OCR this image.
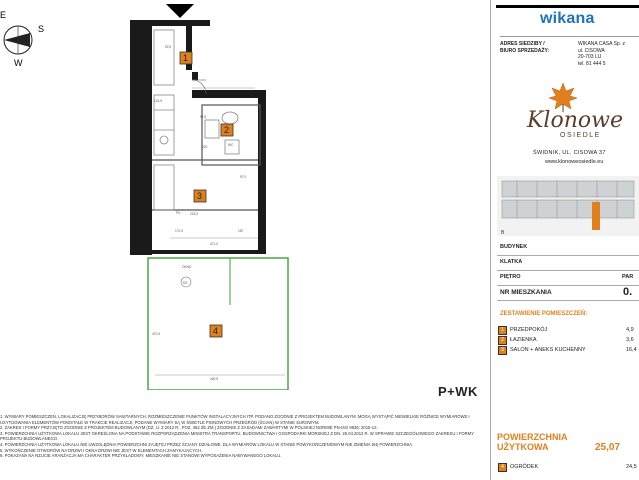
E
S
W	1
2
3
4
92,5
124,5
97,5
222
215,5
471,0
400,5
97,0
172,5	187
470,5
PU
WC
OKNO
DS
P+WK

1. WYMIARY POMIESZCZEŃ, LOKALIZACJĘ PRZYBORÓW SANITARNYCH, ROZMIESZCZENIE PUNKTÓW INSTALACYJNYCH ITP. PODANO ZGODNIE Z PROJEKTEM BUDOWLANYM. MOGĄ WYSTĄPIĆ NIEWIELKIE RÓŻNICE WYMIAROWE I USYTUOWANIA ELEMENTÓW POWSTAŁE W TRAKCIE REALIZACJI. PODANE WYMIARY SĄ W ŚWIETLE PIONOWYCH PRZEGRÓD (ŚCIAN) W STANIE SUROWYM.

2. ZAKRES I FORMY PRZYJĘTO ZGODNIE Z PROJEKTEM BUDOWLANYM (DZ. U. Z 2012 R., POZ. 462 ZE ZM.) ZGODNIE Z ZASADAMI ZAWARTYMI W POLSKIEJ NORMIE PN-ISO 9836: 2015-12.

3. POWIERZCHNIA UŻYTKOWA LOKALU JEST OKREŚLONA NA PODSTAWIE ROZPORZĄDZENIA MINISTRA TRANSPORTU, BUDOWNICTWA I GOSPODARKI MORSKIEJ Z DN. 25.04.2012 R. W SPRAWIE SZCZEGÓŁOWEGO ZAKRESU I FORMY PROJEKTU BUDOWLANEGO.

4. POWIERZCHNIA UŻYTKOWA LOKALU NIE UWZGLĘDNIA POWIERZCHNI ZAJĘTEJ PRZEZ ŚCIANY DZIAŁOWE. DLA WYMIARÓW LOKALU W STANIE POWYKOŃCZENIOWYM NIE ZMIENIA SIĘ POWIERZCHNIA.

5. WYKOŃCZENIE OTWORÓW NA DRZWI I OKNA DRZWI NIE JEST W ELEMENTACH ZAMYKAJĄCYCH.

6. POKAZANA NA RZUCIE ARANŻACJA MA CHARAKTER PRZYKŁADOWY. MIESZKANIE NIE STANOWI WYPOSAŻENIA NABYWANEGO LOKALU.

wikana
ADRES SIEDZIBY /
BIURO SPRZEDAŻY:
WIKANA CASA Sp. z
ul. CISOWA
20-703 LU
tel. 81 444 5
Klonowe
OSIEDLE
ŚWIDNIK, UL. CISOWA 37
www.klonoweosiedle.eu
B
BUDYNEK
KLATKA
PIĘTRO	PAR
NR MIESZKANIA	0.
ZESTAWIENIE POMIESZCZEŃ:
1	PRZEDPOKÓJ	4,9
2	ŁAZIENKA	3,6
3	SALON + ANEKS KUCHENNY	16,4
POWIERZCHNIA
UŻYTKOWA	25,07
4	OGRÓDEK	24,5
